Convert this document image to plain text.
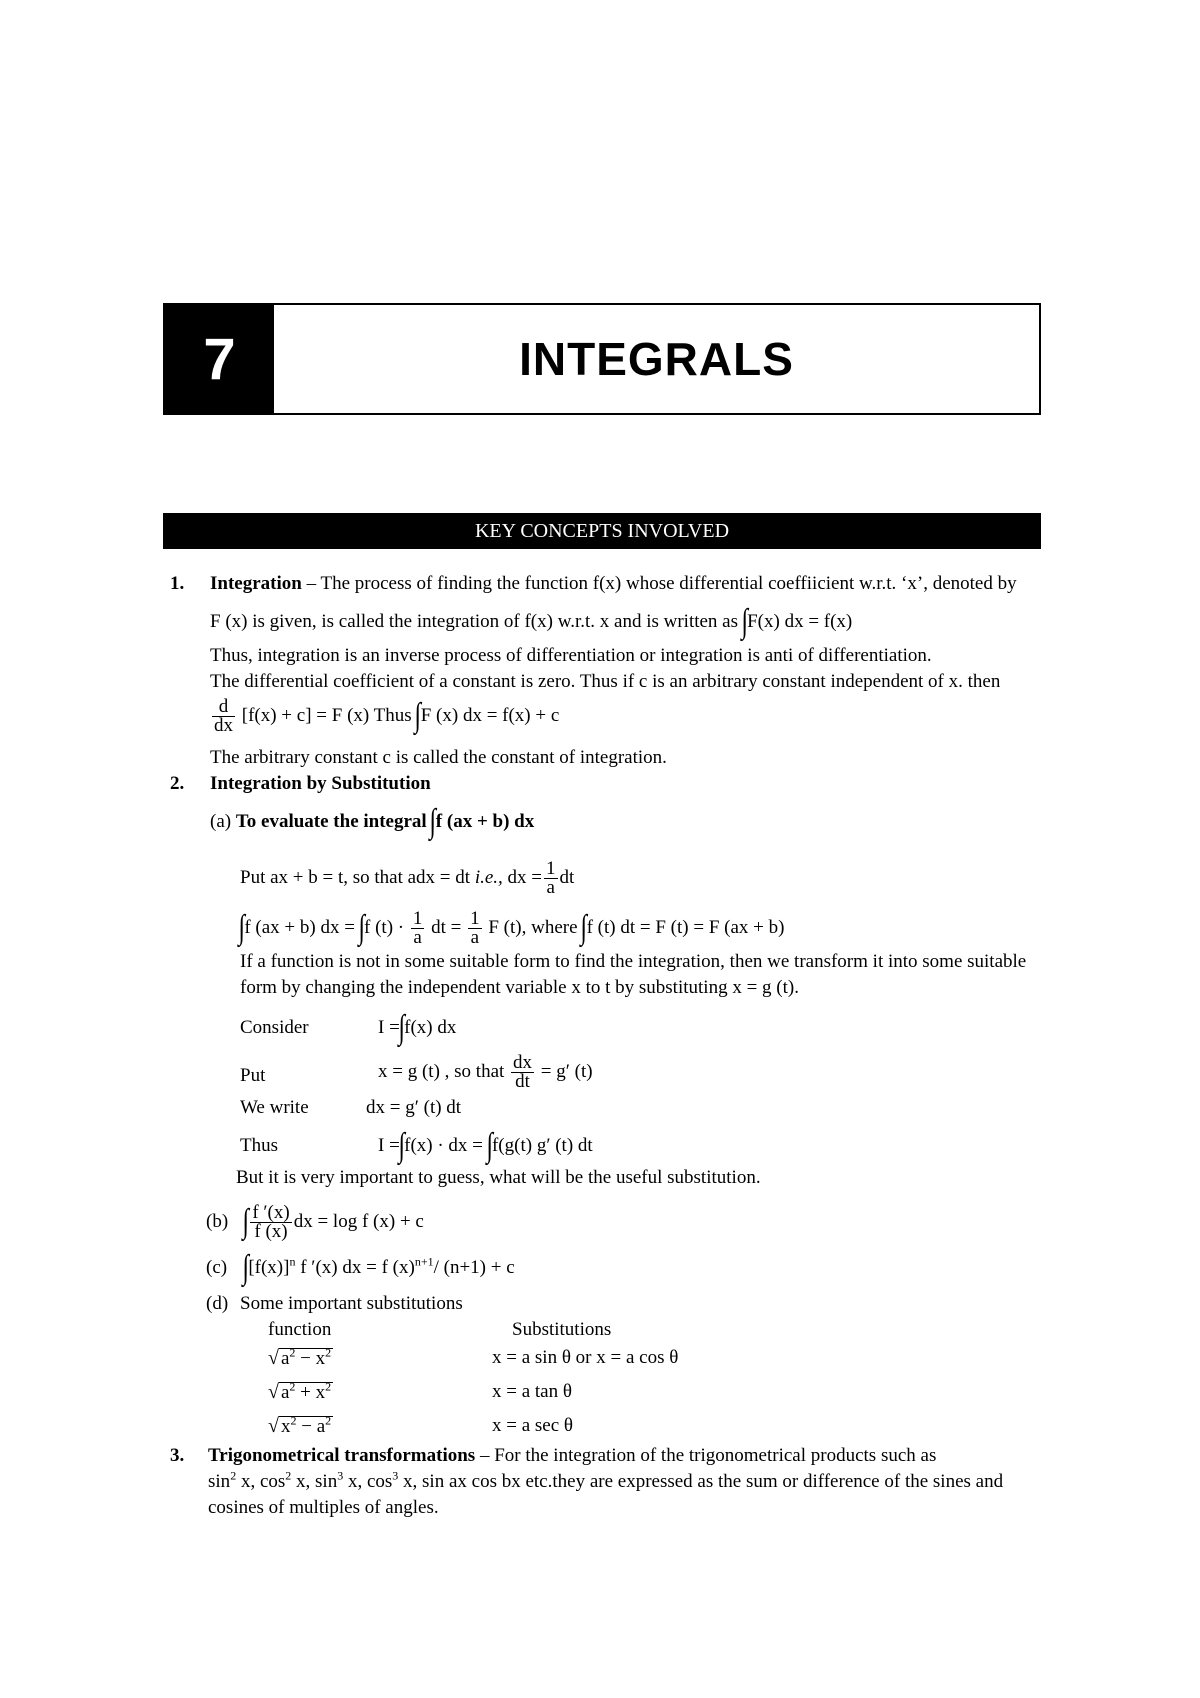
7	INTEGRALS
KEY CONCEPTS INVOLVED
1. Integration – The process of finding the function f(x) whose differential coeffiicient w.r.t. ‘x’, denoted by
F (x) is given, is called the integration of f(x) w.r.t. x and is written as ∫F(x) dx = f(x)
Thus, integration is an inverse process of differentiation or integration is anti of differentiation.
The differential coefficient of a constant is zero. Thus if c is an arbitrary constant independent of x. then
$\frac{d}{dx} [f(x) + c] = F$ (x) Thus ∫F (x) dx = f(x) + c
The arbitrary constant c is called the constant of integration.
2. Integration by Substitution
(a) To evaluate the integral ∫f (ax + b) dx
Put ax + b = t, so that adx = dt i.e., dx = $\frac{1}{a}$ dt
∫f (ax + b) dx = ∫f $(t) \cdot \frac{1}{a}$ dt = $\frac{1}{a}$ F (t), where ∫f (t) dt = F (t) = F (ax + b)
If a function is not in some suitable form to find the integration, then we transform it into some suitable
form by changing the independent variable x to t by substituting x = g (t).
Consider	I =∫f(x) dx
Put	x = g (t) , so that $\frac{dx}{dt} = g'$ (t)
We write	dx = g′ (t) dt
Thus	I =∫f(x) · dx = ∫f(g(t) g′ (t) dt
But it is very important to guess, what will be the useful substitution.
(b) ∫ $\frac{f '(x)}{f (x)}$ dx = log f (x) + c
(c) $\int[f(x)]^n$ f ′(x) dx = f $(x)^{n+1}/$ (n+1) + c
(d) Some important substitutions
function	Substitutions
√ $a^2 - x^2$	x = a sin θ or x = a cos θ
√ $a^2 + x^2$	x = a tan θ
√ $x^2 - a^2$	x = a sec θ
3. Trigonometrical transformations – For the integration of the trigonometrical products such as
$\sin^2 x$, $\cos^2 x$, $\sin^3 x$, $\cos^3 x$, sin ax cos bx etc.they are expressed as the sum or difference of the sines and
cosines of multiples of angles.
